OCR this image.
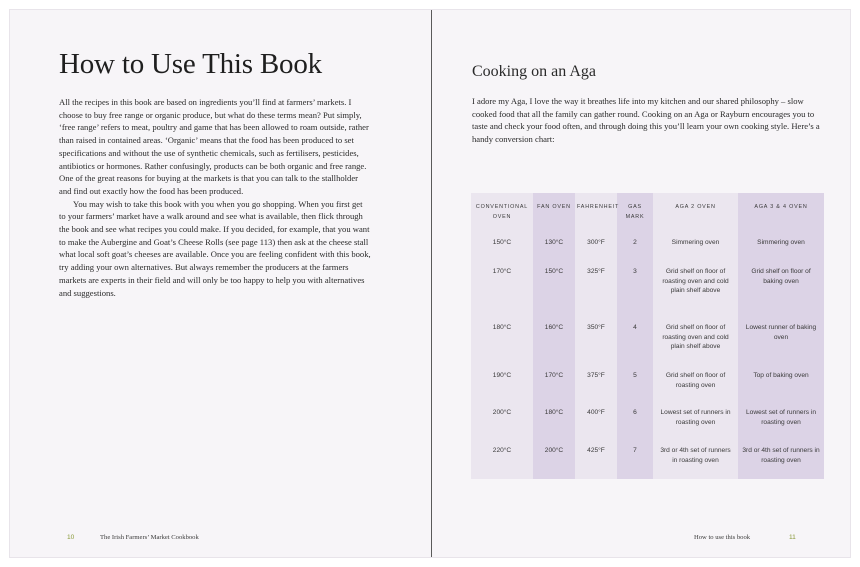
How to Use This Book

All the recipes in this book are based on ingredients you’ll find at farmers’ markets. I choose to buy free range or organic produce, but what do these terms mean? Put simply, ‘free range’ refers to meat, poultry and game that has been allowed to roam outside, rather than raised in contained areas. ‘Organic’ means that the food has been produced to set specifications and without the use of synthetic chemicals, such as fertilisers, pesticides, antibiotics or hormones. Rather confusingly, products can be both organic and free range. One of the great reasons for buying at the markets is that you can talk to the stallholder and find out exactly how the food has been produced.

You may wish to take this book with you when you go shopping. When you first get to your farmers’ market have a walk around and see what is available, then flick through the book and see what recipes you could make. If you decided, for example, that you want to make the Aubergine and Goat’s Cheese Rolls (see page 113) then ask at the cheese stall what local soft goat’s cheeses are available. Once you are feeling confident with this book, try adding your own alternatives. But always remember the producers at the farmers markets are experts in their field and will only be too happy to help you with alternatives and suggestions.

10	The Irish Farmers’ Market Cookbook
Cooking on an Aga

I adore my Aga, I love the way it breathes life into my kitchen and our shared philosophy – slow cooked food that all the family can gather round. Cooking on an Aga or Rayburn encourages you to taste and check your food often, and through doing this you’ll learn your own cooking style. Here’s a handy conversion chart:

CONVENTIONAL OVEN	FAN OVEN	FAHRENHEIT	GAS MARK	AGA 2 OVEN	AGA 3 & 4 OVEN
150°C	130°C	300°F	2	Simmering oven	Simmering oven
170°C	150°C	325°F	3	Grid shelf on floor of roasting oven and cold plain shelf above	Grid shelf on floor of baking oven
180°C	160°C	350°F	4	Grid shelf on floor of roasting oven and cold plain shelf above	Lowest runner of baking oven
190°C	170°C	375°F	5	Grid shelf on floor of roasting oven	Top of baking oven
200°C	180°C	400°F	6	Lowest set of runners in roasting oven	Lowest set of runners in roasting oven
220°C	200°C	425°F	7	3rd or 4th set of runners in roasting oven	3rd or 4th set of runners in roasting oven
How to use this book	11
